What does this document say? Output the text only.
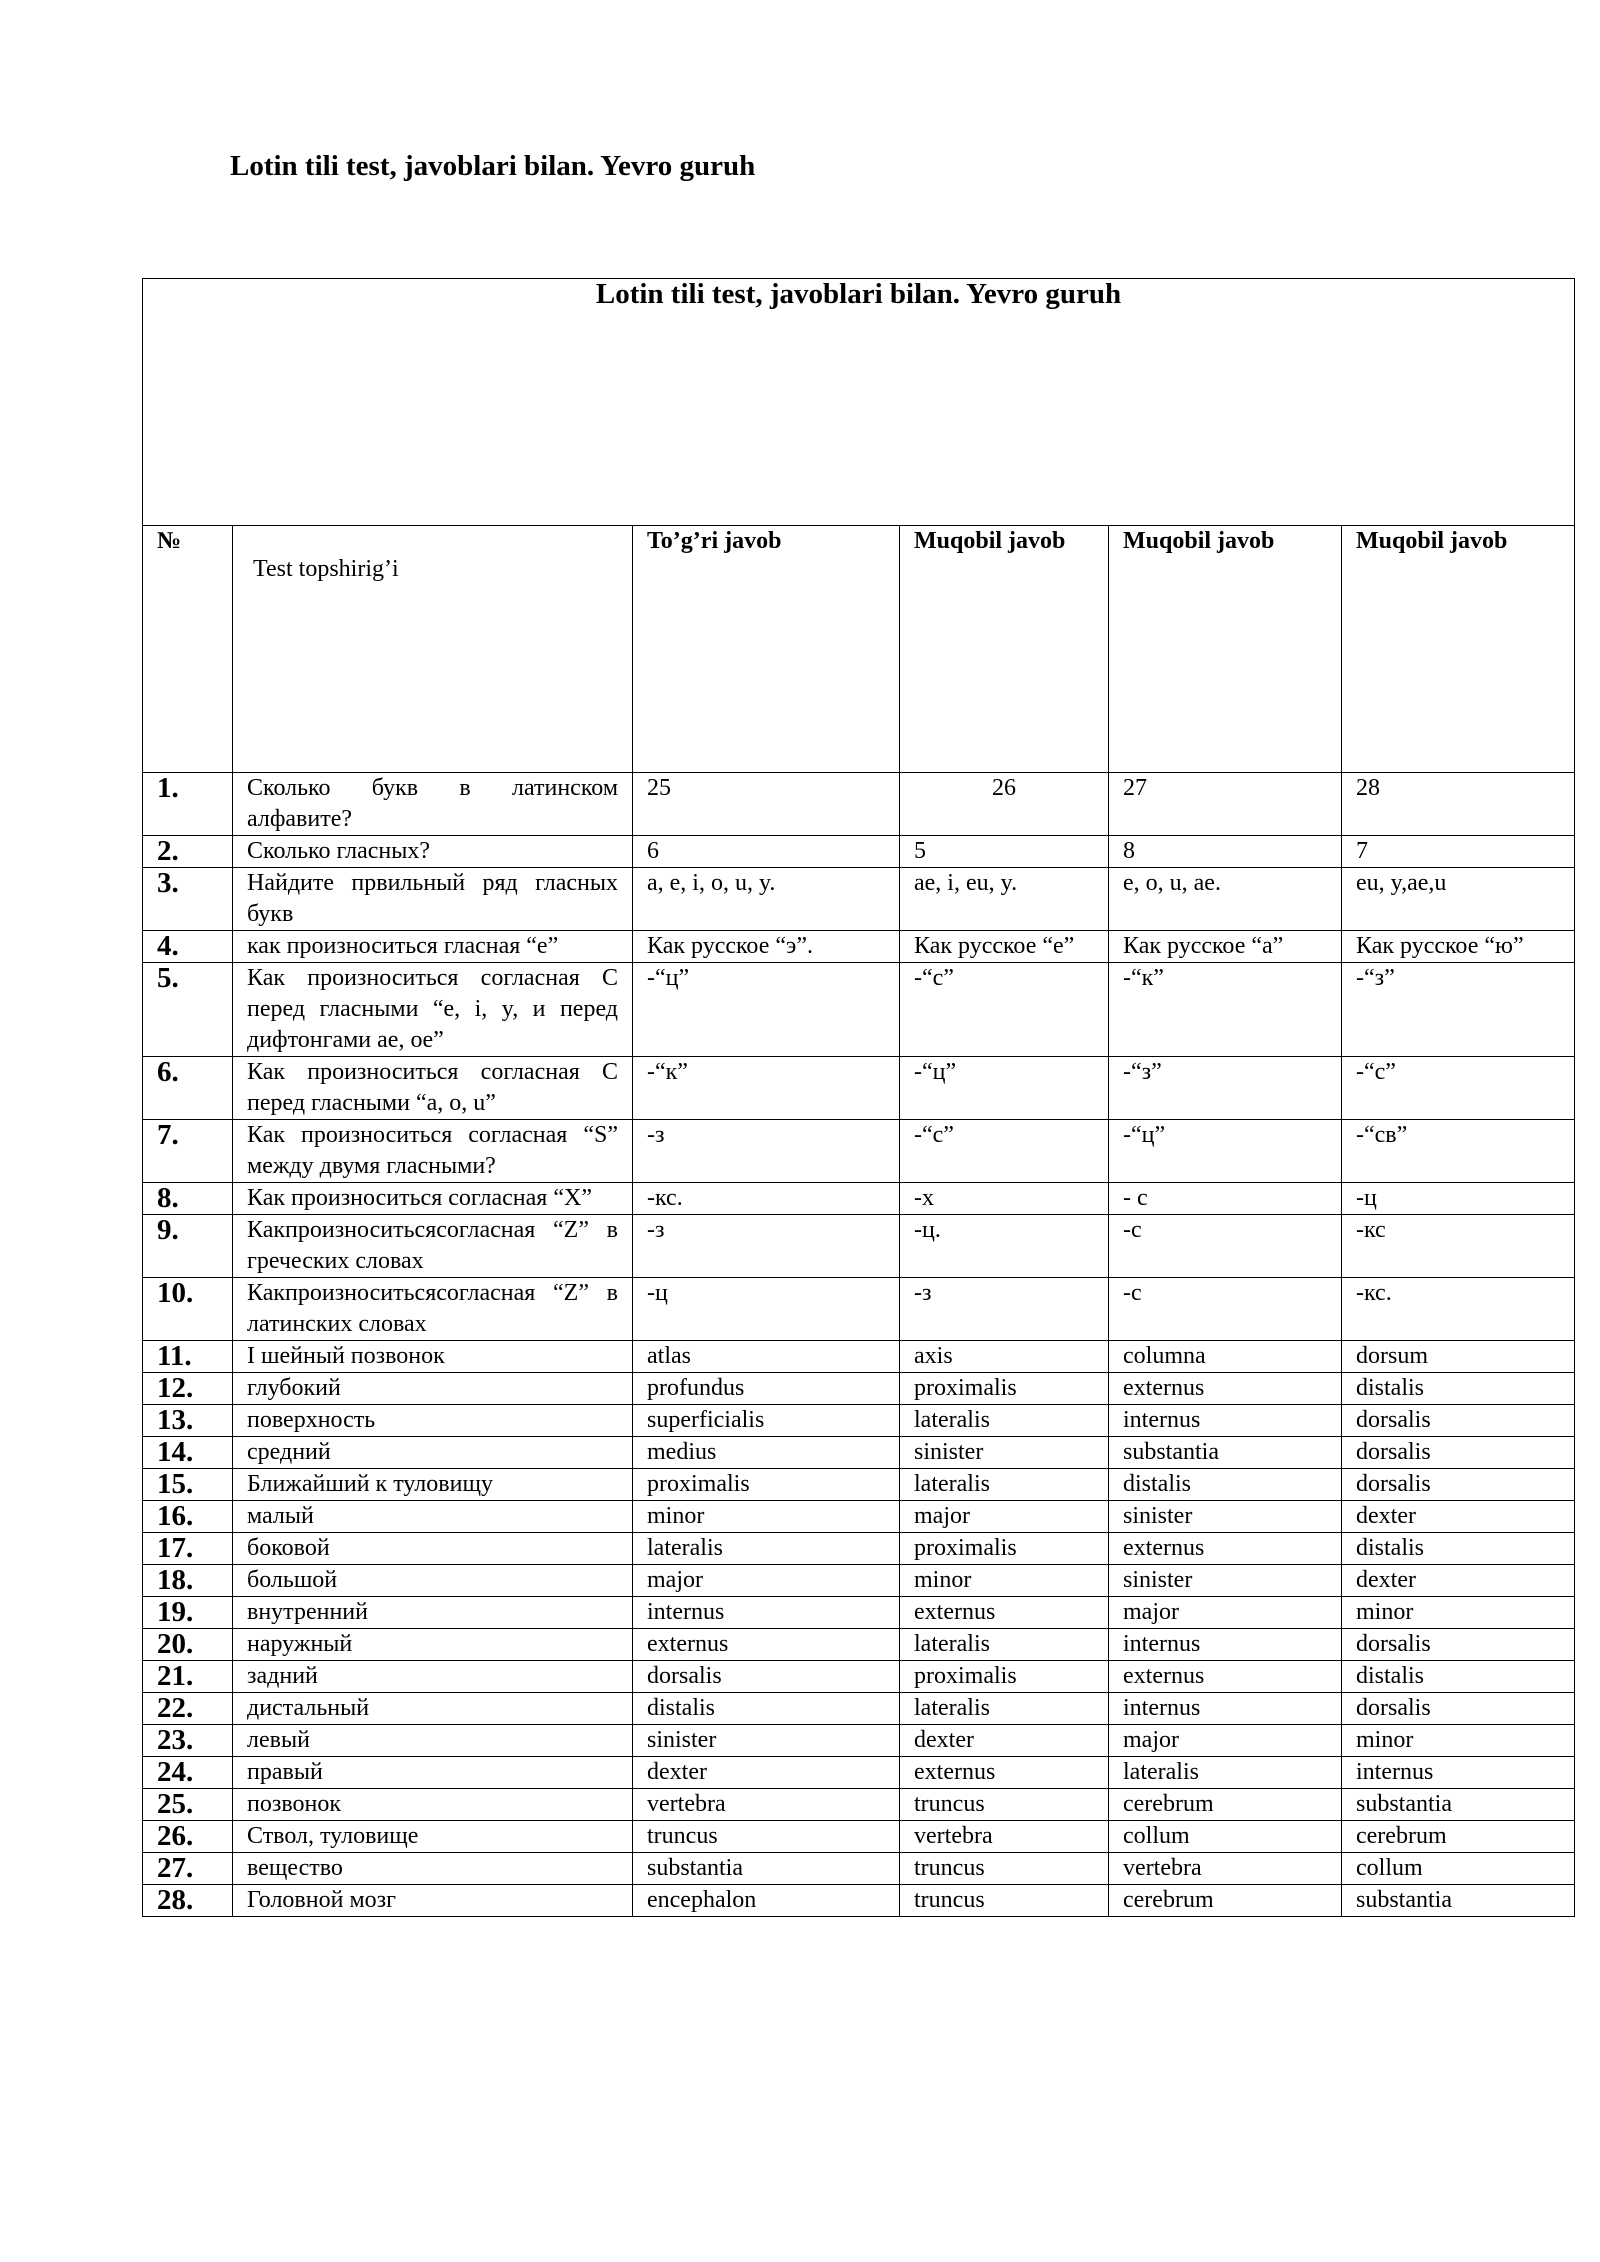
Lotin tili test, javoblari bilan. Yevro guruh
Lotin tili test, javoblari bilan. Yevro guruh					

№	Test topshirig’i	To’g’ri javob	Muqobil javob	Muqobil javob	Muqobil javob

1.	Сколько букв в латинском алфавите?	25	26	27	28
2.	Сколько гласных?	6	5	8	7
3.	Найдите првильный ряд гласных букв	a, e, i, o, u, y.	ae, i, eu, y.	e, o, u, ae.	eu, y,ae,u
4.	как произноситься гласная “e”	Как русское “э”.	Как русское “e”	Как русское “a”	Как русское “ю”
5.	Как произноситься согласная С перед гласными “e, i, y, и перед дифтонгами ae, oe”	-“ц”	-“c”	-“к”	-“з”
6.	Как произноситься согласная С перед гласными “a, o, u”	-“к”	-“ц”	-“з”	-“c”
7.	Как произноситься согласная “S” между двумя гласными?	-з	-“c”	-“ц”	-“св”
8.	Как произноситься согласная “X”	-кс.	-х	- с	-ц
9.	Какпроизноситьсясогласная “Z” в греческих словах	-з	-ц.	-с	-кс
10.	Какпроизноситьсясогласная “Z” в латинских словах	-ц	-з	-с	-кс.
11.	I шейный позвонок	atlas	axis	columna	dorsum
12.	глубокий	profundus	proximalis	externus	distalis
13.	поверхность	superficialis	lateralis	internus	dorsalis
14.	средний	medius	sinister	substantia	dorsalis
15.	Ближайший к туловищу	proximalis	lateralis	distalis	dorsalis
16.	малый	minor	major	sinister	dexter
17.	боковой	lateralis	proximalis	externus	distalis
18.	большой	major	minor	sinister	dexter
19.	внутренний	internus	externus	major	minor
20.	наружный	externus	lateralis	internus	dorsalis
21.	задний	dorsalis	proximalis	externus	distalis
22.	дистальный	distalis	lateralis	internus	dorsalis
23.	левый	sinister	dexter	major	minor
24.	правый	dexter	externus	lateralis	internus
25.	позвонок	vertebra	truncus	cerebrum	substantia
26.	Ствол, туловище	truncus	vertebra	collum	cerebrum
27.	вещество	substantia	truncus	vertebra	collum
28.	Головной мозг	encephalon	truncus	cerebrum	substantia
